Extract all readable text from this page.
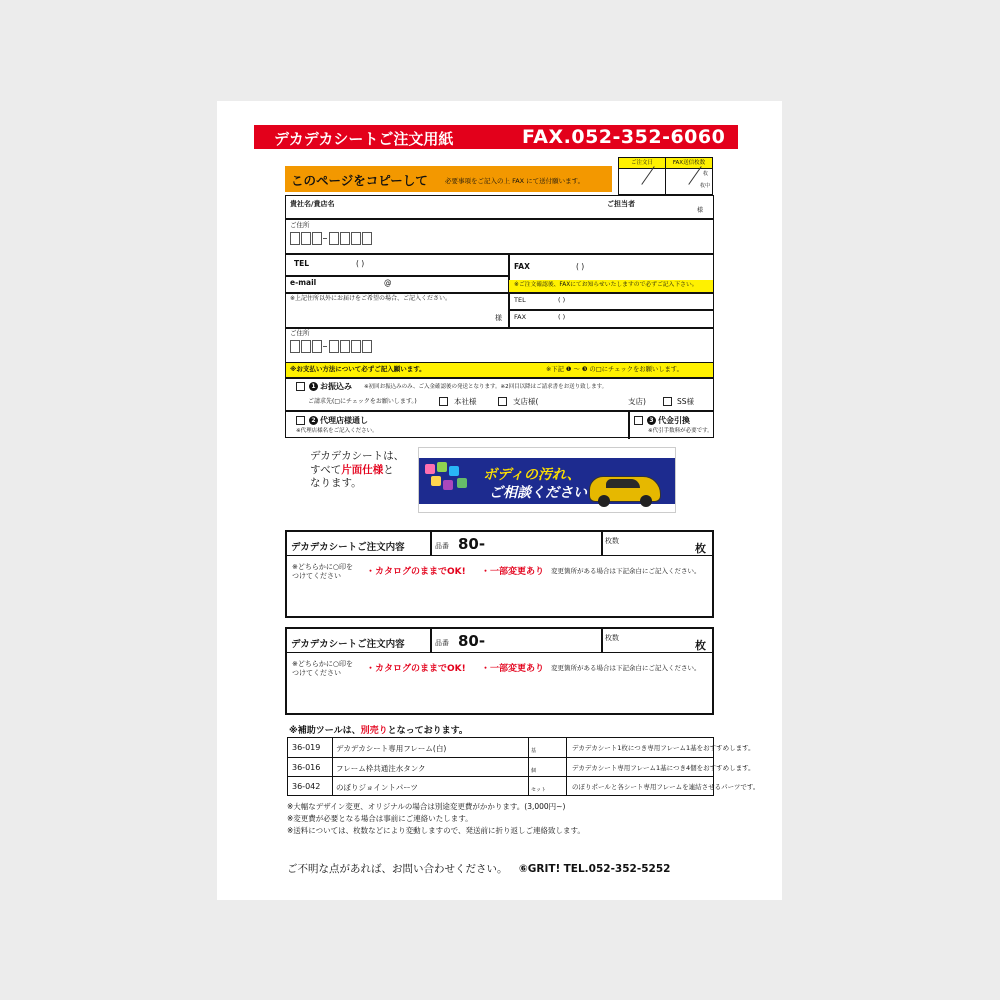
デカデカシートご注文用紙	FAX.052-352-6060
このページをコピーして	必要事項をご記入の上 FAX にて送付願います。
ご注文日	FAX送信枚数
枚
枚中
貴社名/貴店名	ご担当者
様
ご住所
TEL	( )	FAX	( )
e-mail	@	※ご注文確認後、FAXにてお知らせいたしますので必ずご記入下さい。
※上記住所以外にお届けをご希望の場合、ご記入ください。
様
TEL	( )
FAX	( )
ご住所
※お支払い方法について必ずご記入願います。	※下記 ❶ ～ ❸ の□にチェックをお願いします。
1 お振込み ※初回お振込みのみ、ご入金確認後の発送となります。※2回目以降はご請求書をお送り致します。
ご請求先(□にチェックをお願いします。)	本社様	支店様(	支店)	SS様
2 代理店様通し
※代理店様名をご記入ください。
3 代金引換
※代引手数料が必要です。
デカデカシートは、
すべて片面仕様と
なります。
ボディの汚れ、
ご相談ください
デカデカシートご注文内容	品番 80-	枚数
枚
※どちらかに○印を
つけてください	・カタログのままでOK! ・一部変更あり 変更箇所がある場合は下記余白にご記入ください。
デカデカシートご注文内容	品番 80-	枚数
枚
※どちらかに○印を
つけてください	・カタログのままでOK! ・一部変更あり 変更箇所がある場合は下記余白にご記入ください。
※補助ツールは、別売りとなっております。
36-019 デカデカシート専用フレーム(白)	基	デカデカシート1枚につき専用フレーム1基をおすすめします。
36-016 フレーム枠共通注水タンク	個	デカデカシート専用フレーム1基につき4個をおすすめします。
36-042 のぼりジョイントパーツ	セット	のぼりポールと各シート専用フレームを連結させるパーツです。
※大幅なデザイン変更、オリジナルの場合は別途変更費がかかります。(3,000円~)
※変更費が必要となる場合は事前にご連絡いたします。
※送料については、枚数などにより変動しますので、発送前に折り返しご連絡致します。
ご不明な点があれば、お問い合わせください。 ⑥GRIT! TEL.052-352-5252
